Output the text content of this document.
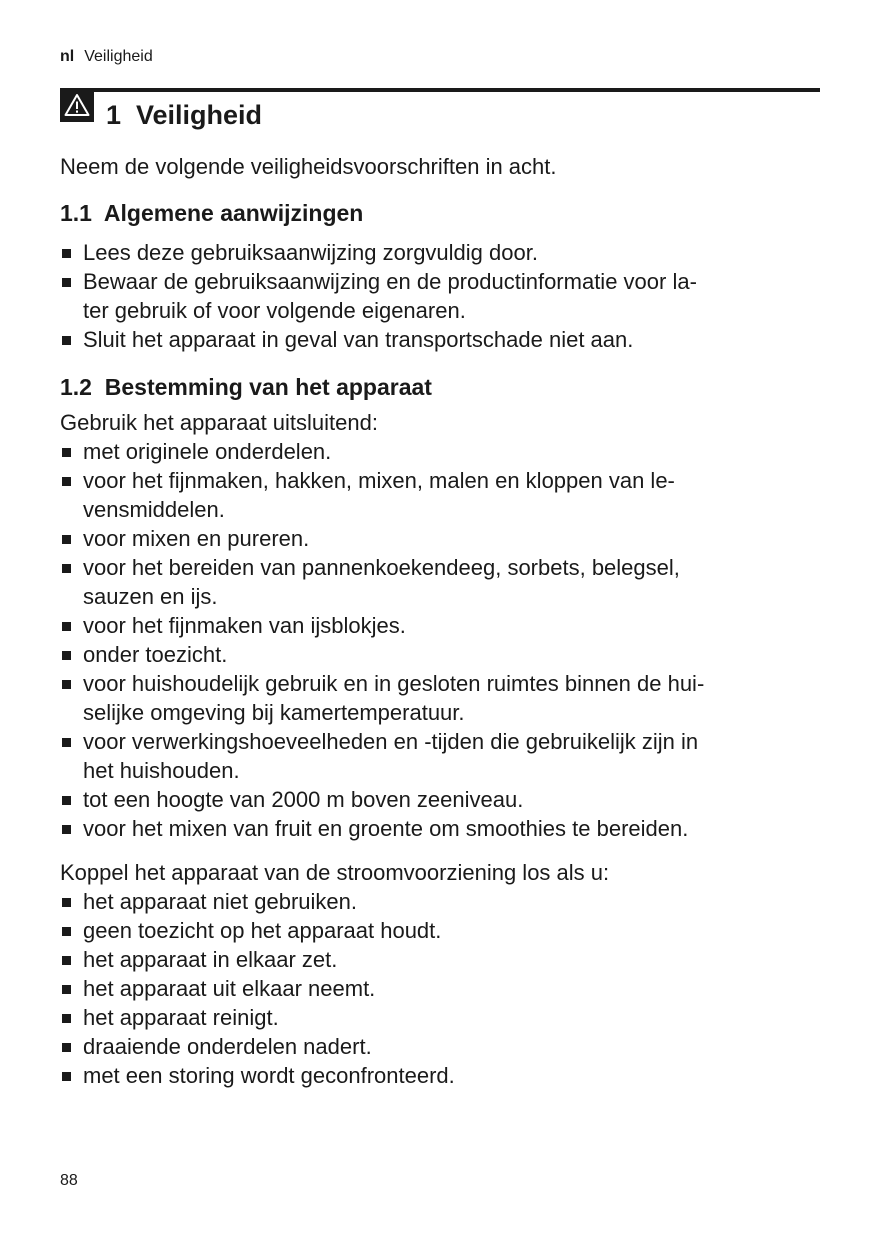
nl Veiligheid
1  Veiligheid

Neem de volgende veiligheidsvoorschriften in acht.

1.1  Algemene aanwijzingen
Lees deze gebruiksaanwijzing zorgvuldig door.
Bewaar de gebruiksaanwijzing en de productinformatie voor la-
ter gebruik of voor volgende eigenaren.
Sluit het apparaat in geval van transportschade niet aan.
1.2  Bestemming van het apparaat

Gebruik het apparaat uitsluitend:

met originele onderdelen.
voor het fijnmaken, hakken, mixen, malen en kloppen van le-
vensmiddelen.
voor mixen en pureren.
voor het bereiden van pannenkoekendeeg, sorbets, belegsel,
sauzen en ijs.
voor het fijnmaken van ijsblokjes.
onder toezicht.
voor huishoudelijk gebruik en in gesloten ruimtes binnen de hui-
selijke omgeving bij kamertemperatuur.
voor verwerkingshoeveelheden en -tijden die gebruikelijk zijn in
het huishouden.
tot een hoogte van 2000 m boven zeeniveau.
voor het mixen van fruit en groente om smoothies te bereiden.

Koppel het apparaat van de stroomvoorziening los als u:

het apparaat niet gebruiken.
geen toezicht op het apparaat houdt.
het apparaat in elkaar zet.
het apparaat uit elkaar neemt.
het apparaat reinigt.
draaiende onderdelen nadert.
met een storing wordt geconfronteerd.
88
